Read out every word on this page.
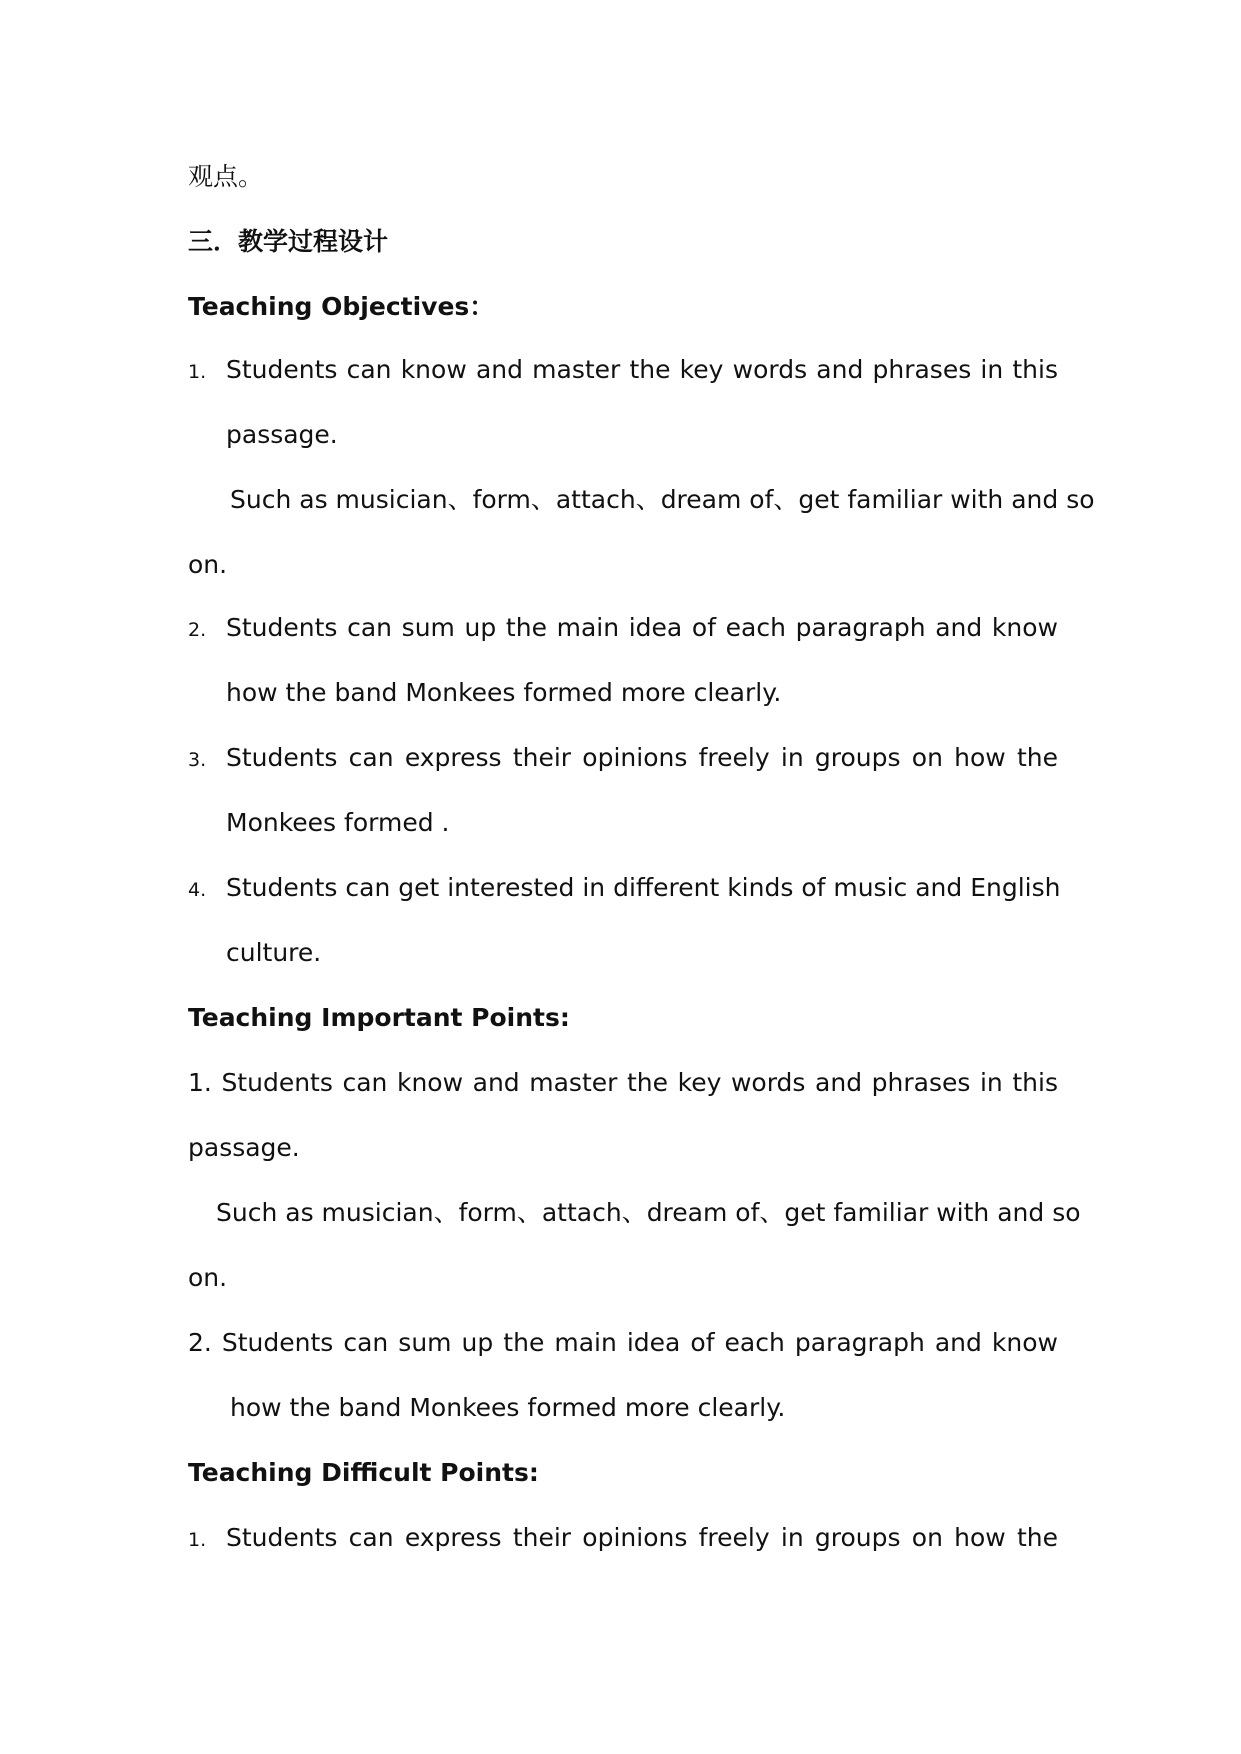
观点。
三．教学过程设计
Teaching Objectives：
1. Students can know and master the key words and phrases in this
passage.
Such as musician、form、attach、dream of、get familiar with and so
on.
2. Students can sum up the main idea of each paragraph and know
how the band Monkees formed more clearly.
3. Students can express their opinions freely in groups on how the
Monkees formed .
4. Students can get interested in different kinds of music and English
culture.
Teaching Important Points:
1. Students can know and master the key words and phrases in this
passage.
Such as musician、form、attach、dream of、get familiar with and so
on.
2. Students can sum up the main idea of each paragraph and know
how the band Monkees formed more clearly.
Teaching Difficult Points:
1. Students can express their opinions freely in groups on how the
